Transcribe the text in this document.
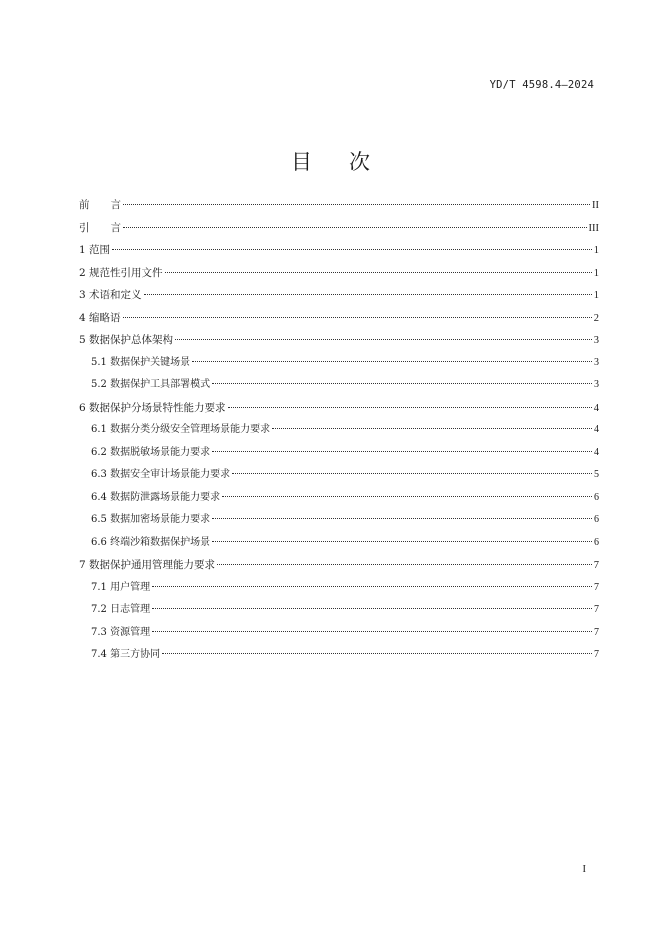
YD/T 4598.4—2024
目 次
前　　言	II
引　　言	III
1 范围	1
2 规范性引用文件	1
3 术语和定义	1
4 缩略语	2
5 数据保护总体架构	3
5.1 数据保护关键场景	3
5.2 数据保护工具部署模式	3
6 数据保护分场景特性能力要求	4
6.1 数据分类分级安全管理场景能力要求	4
6.2 数据脱敏场景能力要求	4
6.3 数据安全审计场景能力要求	5
6.4 数据防泄露场景能力要求	6
6.5 数据加密场景能力要求	6
6.6 终端沙箱数据保护场景	6
7 数据保护通用管理能力要求	7
7.1 用户管理	7
7.2 日志管理	7
7.3 资源管理	7
7.4 第三方协同	7
I
